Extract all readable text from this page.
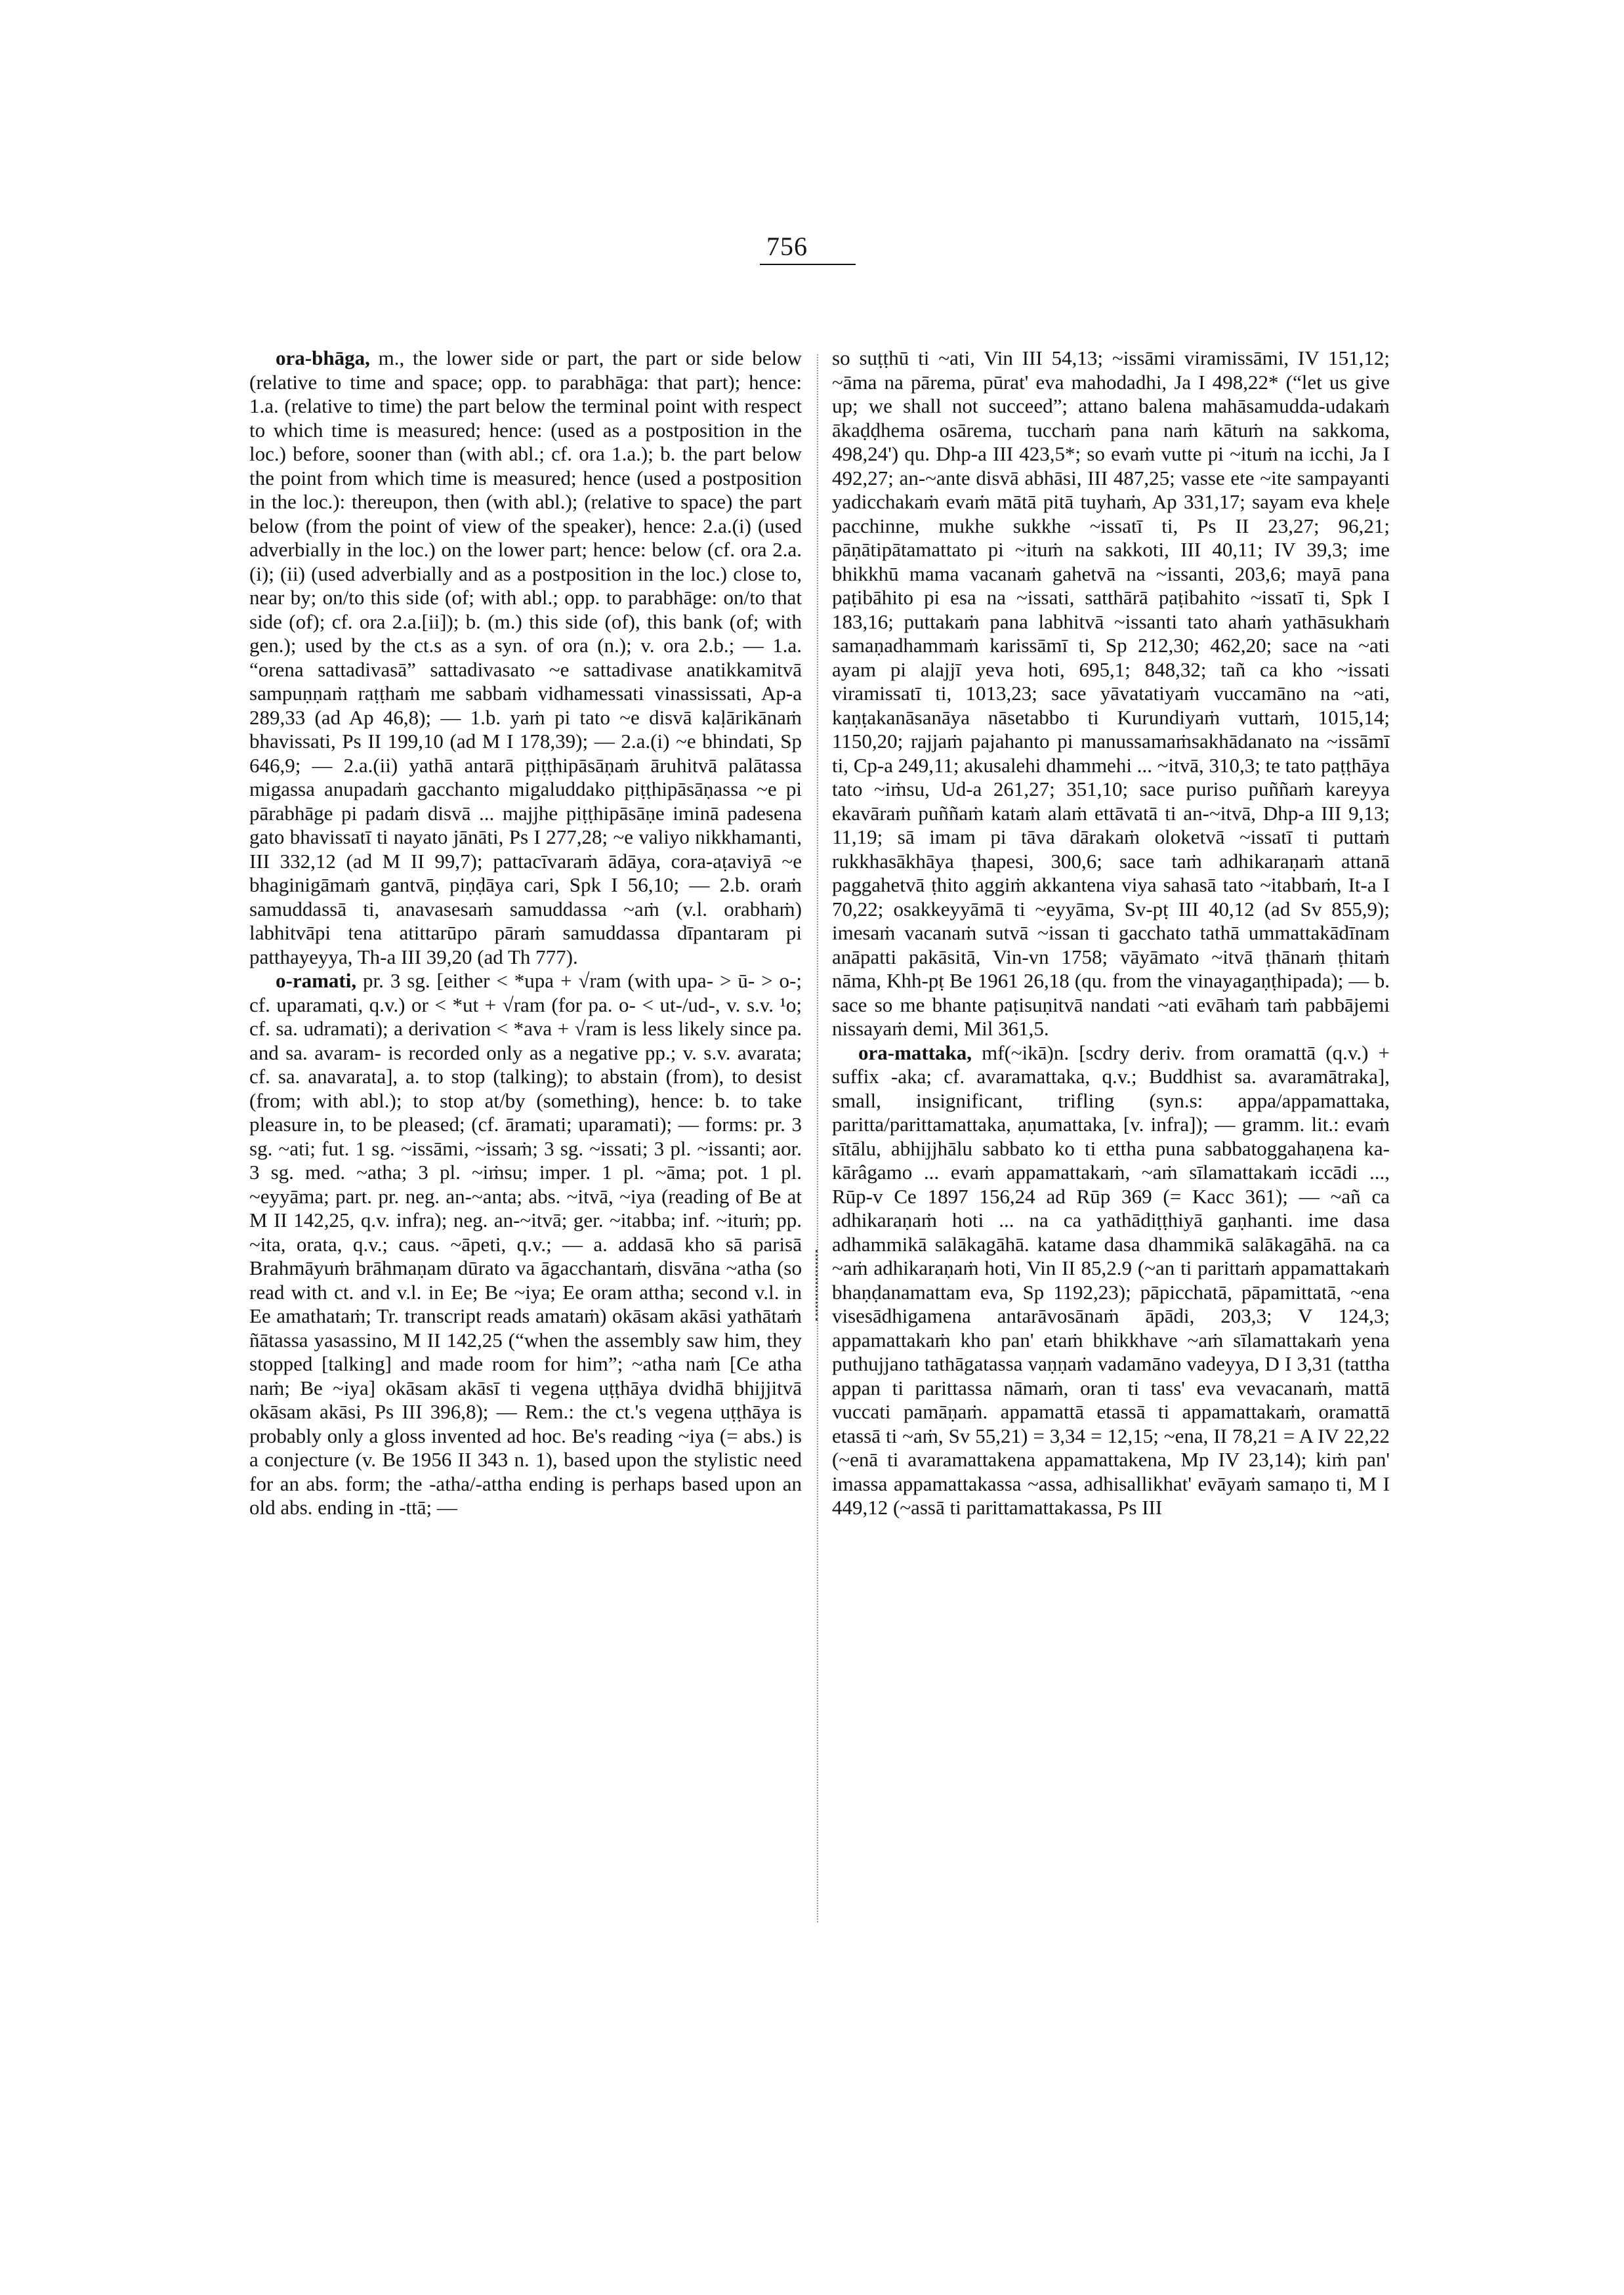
756

ora-bhāga, m., the lower side or part, the part or side below (relative to time and space; opp. to parabhāga: that part); hence: 1.a. (relative to time) the part below the terminal point with respect to which time is measured; hence: (used as a postposition in the loc.) before, sooner than (with abl.; cf. ora 1.a.); b. the part below the point from which time is measured; hence (used a postposition in the loc.): thereupon, then (with abl.); (relative to space) the part below (from the point of view of the speaker), hence: 2.a.(i) (used adverbially in the loc.) on the lower part; hence: below (cf. ora 2.a.(i); (ii) (used adverbially and as a postposition in the loc.) close to, near by; on/to this side (of; with abl.; opp. to parabhāge: on/to that side (of); cf. ora 2.a.[ii]); b. (m.) this side (of), this bank (of; with gen.); used by the ct.s as a syn. of ora (n.); v. ora 2.b.; — 1.a. “orena sattadivasā” sattadivasato ~e sattadivase anatikkamitvā sampuṇṇaṁ raṭṭhaṁ me sabbaṁ vidhamessati vinassissati, Ap-a 289,33 (ad Ap 46,8); — 1.b. yaṁ pi tato ~e disvā kaḷārikānaṁ bhavissati, Ps II 199,10 (ad M I 178,39); — 2.a.(i) ~e bhindati, Sp 646,9; — 2.a.(ii) yathā antarā piṭṭhipāsāṇaṁ āruhitvā palātassa migassa anupadaṁ gacchanto migaluddako piṭṭhipāsāṇassa ~e pi pārabhāge pi padaṁ disvā ... majjhe piṭṭhipāsāṇe iminā padesena gato bhavissatī ti nayato jānāti, Ps I 277,28; ~e valiyo nikkhamanti, III 332,12 (ad M II 99,7); pattacīvaraṁ ādāya, cora-aṭaviyā ~e bhaginigāmaṁ gantvā, piṇḍāya cari, Spk I 56,10; — 2.b. oraṁ samuddassā ti, anavasesaṁ samuddassa ~aṁ (v.l. orabhaṁ) labhitvāpi tena atittarūpo pāraṁ samuddassa dīpantaram pi patthayeyya, Th-a III 39,20 (ad Th 777).

o-ramati, pr. 3 sg. [either < *upa + √ram (with upa- > ū- > o-; cf. uparamati, q.v.) or < *ut + √ram (for pa. o- < ut-/ud-, v. s.v. ¹o; cf. sa. udramati); a derivation < *ava + √ram is less likely since pa. and sa. avaram- is recorded only as a negative pp.; v. s.v. avarata; cf. sa. anavarata], a. to stop (talking); to abstain (from), to desist (from; with abl.); to stop at/by (something), hence: b. to take pleasure in, to be pleased; (cf. āramati; uparamati); — forms: pr. 3 sg. ~ati; fut. 1 sg. ~issāmi, ~issaṁ; 3 sg. ~issati; 3 pl. ~issanti; aor. 3 sg. med. ~atha; 3 pl. ~iṁsu; imper. 1 pl. ~āma; pot. 1 pl. ~eyyāma; part. pr. neg. an-~anta; abs. ~itvā, ~iya (reading of Be at M II 142,25, q.v. infra); neg. an-~itvā; ger. ~itabba; inf. ~ituṁ; pp. ~ita, orata, q.v.; caus. ~āpeti, q.v.; — a. addasā kho sā parisā Brahmāyuṁ brāhmaṇam dūrato va āgacchantaṁ, disvāna ~atha (so read with ct. and v.l. in Ee; Be ~iya; Ee oram attha; second v.l. in Ee amathataṁ; Tr. transcript reads amataṁ) okāsam akāsi yathātaṁ ñātassa yasassino, M II 142,25 (“when the assembly saw him, they stopped [talking] and made room for him”; ~atha naṁ [Ce atha naṁ; Be ~iya] okāsam akāsī ti vegena uṭṭhāya dvidhā bhijjitvā okāsam akāsi, Ps III 396,8); — Rem.: the ct.'s vegena uṭṭhāya is probably only a gloss invented ad hoc. Be's reading ~iya (= abs.) is a conjecture (v. Be 1956 II 343 n. 1), based upon the stylistic need for an abs. form; the -atha/-attha ending is perhaps based upon an old abs. ending in -ttā; —

so suṭṭhū ti ~ati, Vin III 54,13; ~issāmi viramissāmi, IV 151,12; ~āma na pārema, pūrat' eva mahodadhi, Ja I 498,22* (“let us give up; we shall not succeed”; attano balena mahāsamudda-udakaṁ ākaḍḍhema osārema, tucchaṁ pana naṁ kātuṁ na sakkoma, 498,24') qu. Dhp-a III 423,5*; so evaṁ vutte pi ~ituṁ na icchi, Ja I 492,27; an-~ante disvā abhāsi, III 487,25; vasse ete ~ite sampayanti yadicchakaṁ evaṁ mātā pitā tuyhaṁ, Ap 331,17; sayam eva kheḷe pacchinne, mukhe sukkhe ~issatī ti, Ps II 23,27; 96,21; pāṇātipātamattato pi ~ituṁ na sakkoti, III 40,11; IV 39,3; ime bhikkhū mama vacanaṁ gahetvā na ~issanti, 203,6; mayā pana paṭibāhito pi esa na ~issati, satthārā paṭibahito ~issatī ti, Spk I 183,16; puttakaṁ pana labhitvā ~issanti tato ahaṁ yathāsukhaṁ samaṇadhammaṁ karissāmī ti, Sp 212,30; 462,20; sace na ~ati ayam pi alajjī yeva hoti, 695,1; 848,32; tañ ca kho ~issati viramissatī ti, 1013,23; sace yāvatatiyaṁ vuccamāno na ~ati, kaṇṭakanāsanāya nāsetabbo ti Kurundiyaṁ vuttaṁ, 1015,14; 1150,20; rajjaṁ pajahanto pi manussamaṁsakhādanato na ~issāmī ti, Cp-a 249,11; akusalehi dhammehi ... ~itvā, 310,3; te tato paṭṭhāya tato ~iṁsu, Ud-a 261,27; 351,10; sace puriso puññaṁ kareyya ekavāraṁ puññaṁ kataṁ alaṁ ettāvatā ti an-~itvā, Dhp-a III 9,13; 11,19; sā imam pi tāva dārakaṁ oloketvā ~issatī ti puttaṁ rukkhasākhāya ṭhapesi, 300,6; sace taṁ adhikaraṇaṁ attanā paggahetvā ṭhito aggiṁ akkantena viya sahasā tato ~itabbaṁ, It-a I 70,22; osakkeyyāmā ti ~eyyāma, Sv-pṭ III 40,12 (ad Sv 855,9); imesaṁ vacanaṁ sutvā ~issan ti gacchato tathā ummattakādīnam anāpatti pakāsitā, Vin-vn 1758; vāyāmato ~itvā ṭhānaṁ ṭhitaṁ nāma, Khh-pṭ Be 1961 26,18 (qu. from the vinayagaṇṭhipada); — b. sace so me bhante paṭisuṇitvā nandati ~ati evāhaṁ taṁ pabbājemi nissayaṁ demi, Mil 361,5.

ora-mattaka, mf(~ikā)n. [scdry deriv. from oramattā (q.v.) + suffix -aka; cf. avaramattaka, q.v.; Buddhist sa. avaramātraka], small, insignificant, trifling (syn.s: appa/appamattaka, paritta/parittamattaka, aṇumattaka, [v. infra]); — gramm. lit.: evaṁ sītālu, abhijjhālu sabbato ko ti ettha puna sabbatoggahaṇena ka-kārâgamo ... evaṁ appamattakaṁ, ~aṁ sīlamattakaṁ iccādi ..., Rūp-v Ce 1897 156,24 ad Rūp 369 (= Kacc 361); — ~añ ca adhikaraṇaṁ hoti ... na ca yathādiṭṭhiyā gaṇhanti. ime dasa adhammikā salākagāhā. katame dasa dhammikā salākagāhā. na ca ~aṁ adhikaraṇaṁ hoti, Vin II 85,2.9 (~an ti parittaṁ appamattakaṁ bhaṇḍanamattam eva, Sp 1192,23); pāpicchatā, pāpamittatā, ~ena visesādhigamena antarāvosānaṁ āpādi, 203,3; V 124,3; appamattakaṁ kho pan' etaṁ bhikkhave ~aṁ sīlamattakaṁ yena puthujjano tathāgatassa vaṇṇaṁ vadamāno vadeyya, D I 3,31 (tattha appan ti parittassa nāmaṁ, oran ti tass' eva vevacanaṁ, mattā vuccati pamāṇaṁ. appamattā etassā ti appamattakaṁ, oramattā etassā ti ~aṁ, Sv 55,21) = 3,34 = 12,15; ~ena, II 78,21 = A IV 22,22 (~enā ti avaramattakena appamattakena, Mp IV 23,14); kiṁ pan' imassa appamattakassa ~assa, adhisallikhat' evāyaṁ samaṇo ti, M I 449,12 (~assā ti parittamattakassa, Ps III
